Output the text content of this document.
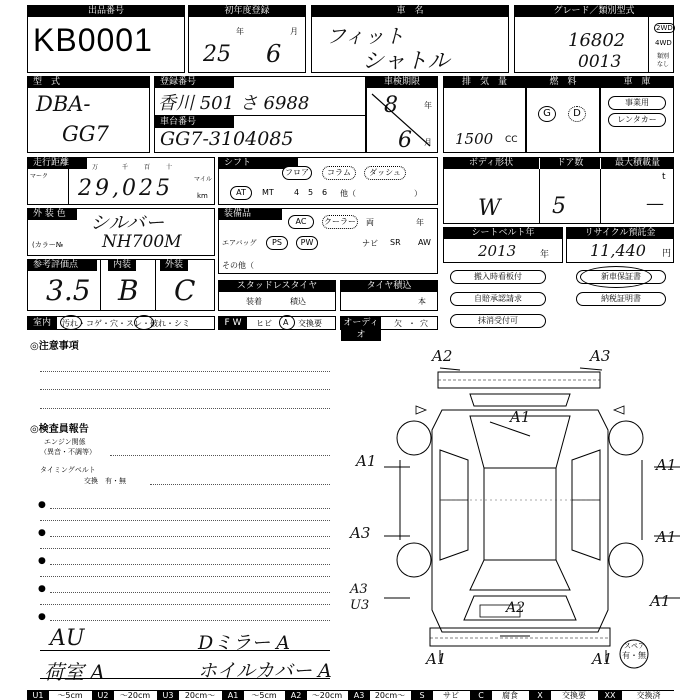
出品番号
KB0001
初年度登録
年	月
25 6
車　名
フィット
シャトル
グレード／類別型式
16802
0013
2WD
4WD
類別
なし
型　式
DBA-
GG7
登録番号
香川 501 さ 6988
車台番号
GG7-3104085
車検期限
8	年
6 月
排　気　量
1500 CC
燃　料
G	D
車　庫
事業用
レンタカー
走行距離
マーク
万	千	百	十
マイル
km
29,025
シフト
フロア	コラム	ダッシュ
AT	MT	4 5 6 他（	）
ボディ形状	ドア数	最大積載量
W 5
t
—
外 装 色	シルバー
(カラー№ NH700M
装備品
AC	クーラー 両	年
エアバッグ	PS	PW	ナビ SR AW
その他（
シートベルト年
2013	年
リサイクル預託金
11,440 円
参考評価点	内装	外装
3.5 B C	スタッドレスタイヤ
装着	積込
タイヤ積込
本
搬入時看板付	新車保証書
自賠承認請求	納税証明書
抹消受付可
室内	汚れ・コゲ・穴・スレ・破れ・シミ	F W	ヒビ A 交換要 オーディオ
欠 ・ 穴
◎注意事項
◎検査員報告
エンジン関係
（異音・不調等）
タイミングベルト
交換　有・無
●
●
●
●
●
AU	Dミラー A
荷室 A	ホイルカバー A
A2	A3
A1
A1	A1
A3	A1
A3
U3	A2	A1
A1	A1
スペア
有・無
U1	～5cm	U2	～20cm	U3	20cm～	A1	～5cm	A2	～20cm	A3	20cm～	S	サビ	C	腐食	X	交換要	XX	交換済
